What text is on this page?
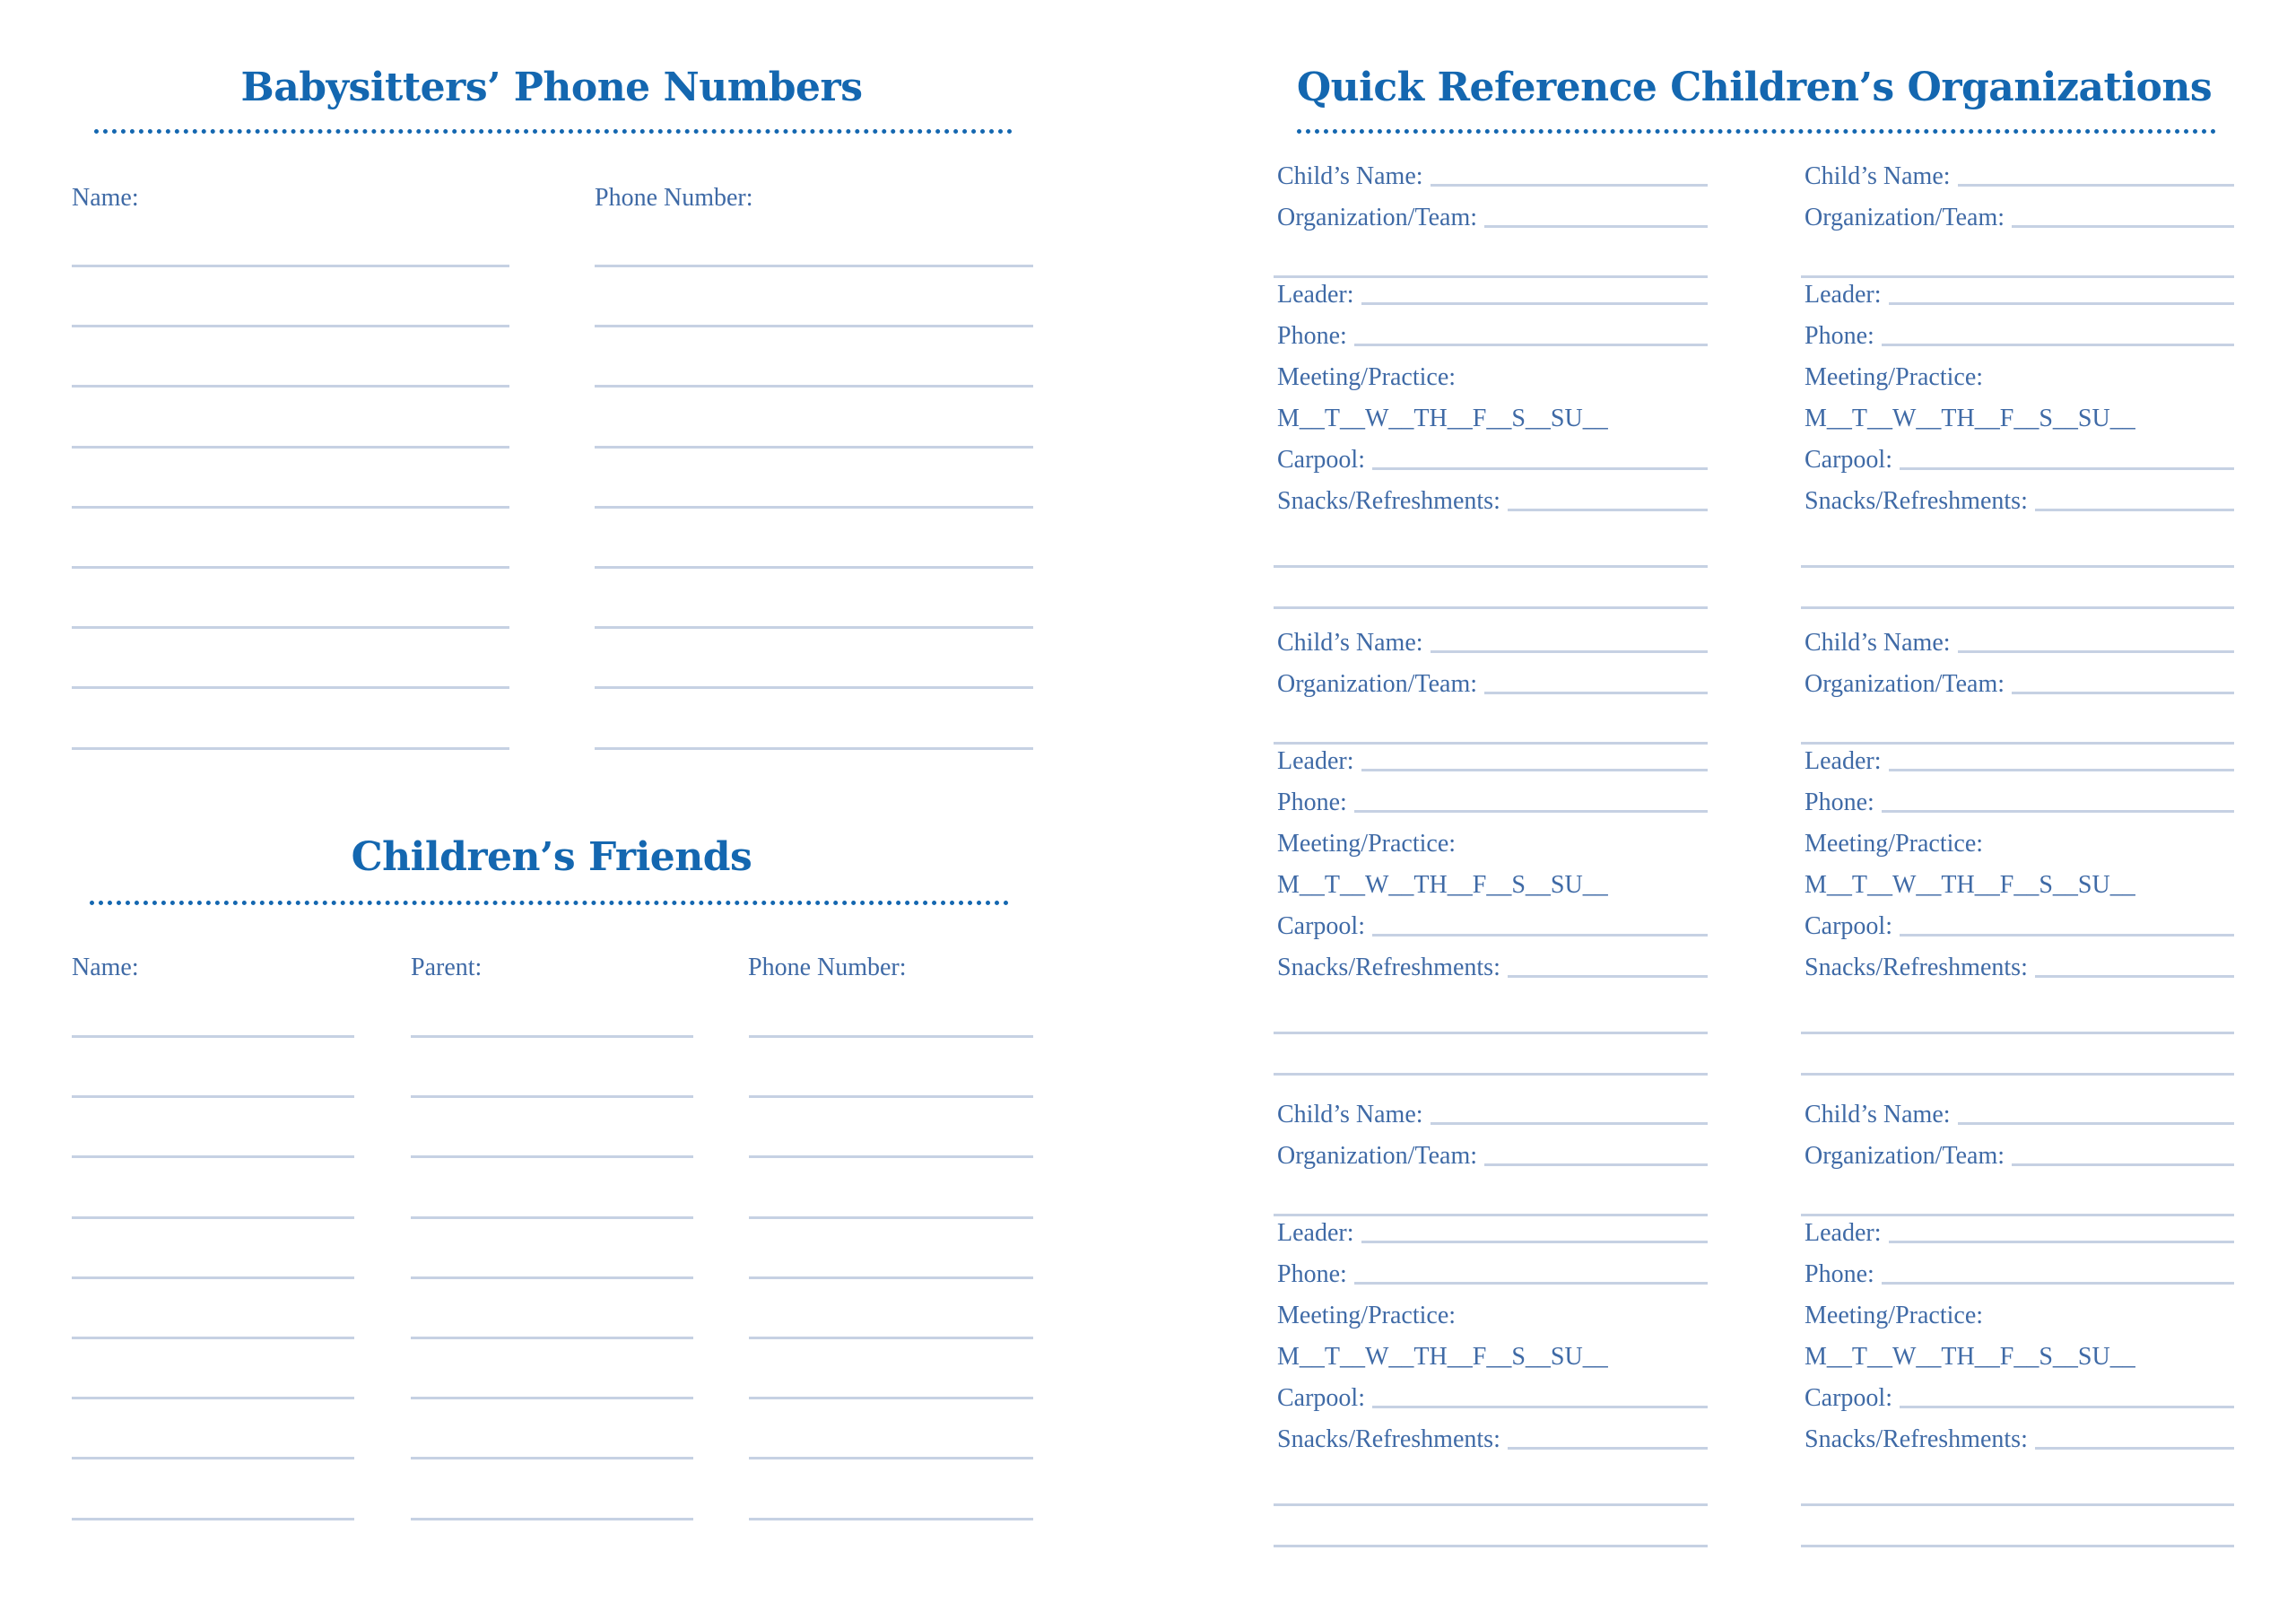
Babysitters’ Phone Numbers
Name:	Phone Number:
Children’s Friends
Name:	Parent:	Phone Number:
Quick Reference Children’s Organizations
Child’s Name:
Organization/Team:
Leader:
Phone:
Meeting/Practice:
M__T__W__TH__F__S__SU__
Carpool:
Snacks/Refreshments:
Child’s Name:
Organization/Team:
Leader:
Phone:
Meeting/Practice:
M__T__W__TH__F__S__SU__
Carpool:
Snacks/Refreshments:
Child’s Name:
Organization/Team:
Leader:
Phone:
Meeting/Practice:
M__T__W__TH__F__S__SU__
Carpool:
Snacks/Refreshments:
Child’s Name:
Organization/Team:
Leader:
Phone:
Meeting/Practice:
M__T__W__TH__F__S__SU__
Carpool:
Snacks/Refreshments:
Child’s Name:
Organization/Team:
Leader:
Phone:
Meeting/Practice:
M__T__W__TH__F__S__SU__
Carpool:
Snacks/Refreshments:
Child’s Name:
Organization/Team:
Leader:
Phone:
Meeting/Practice:
M__T__W__TH__F__S__SU__
Carpool:
Snacks/Refreshments:
